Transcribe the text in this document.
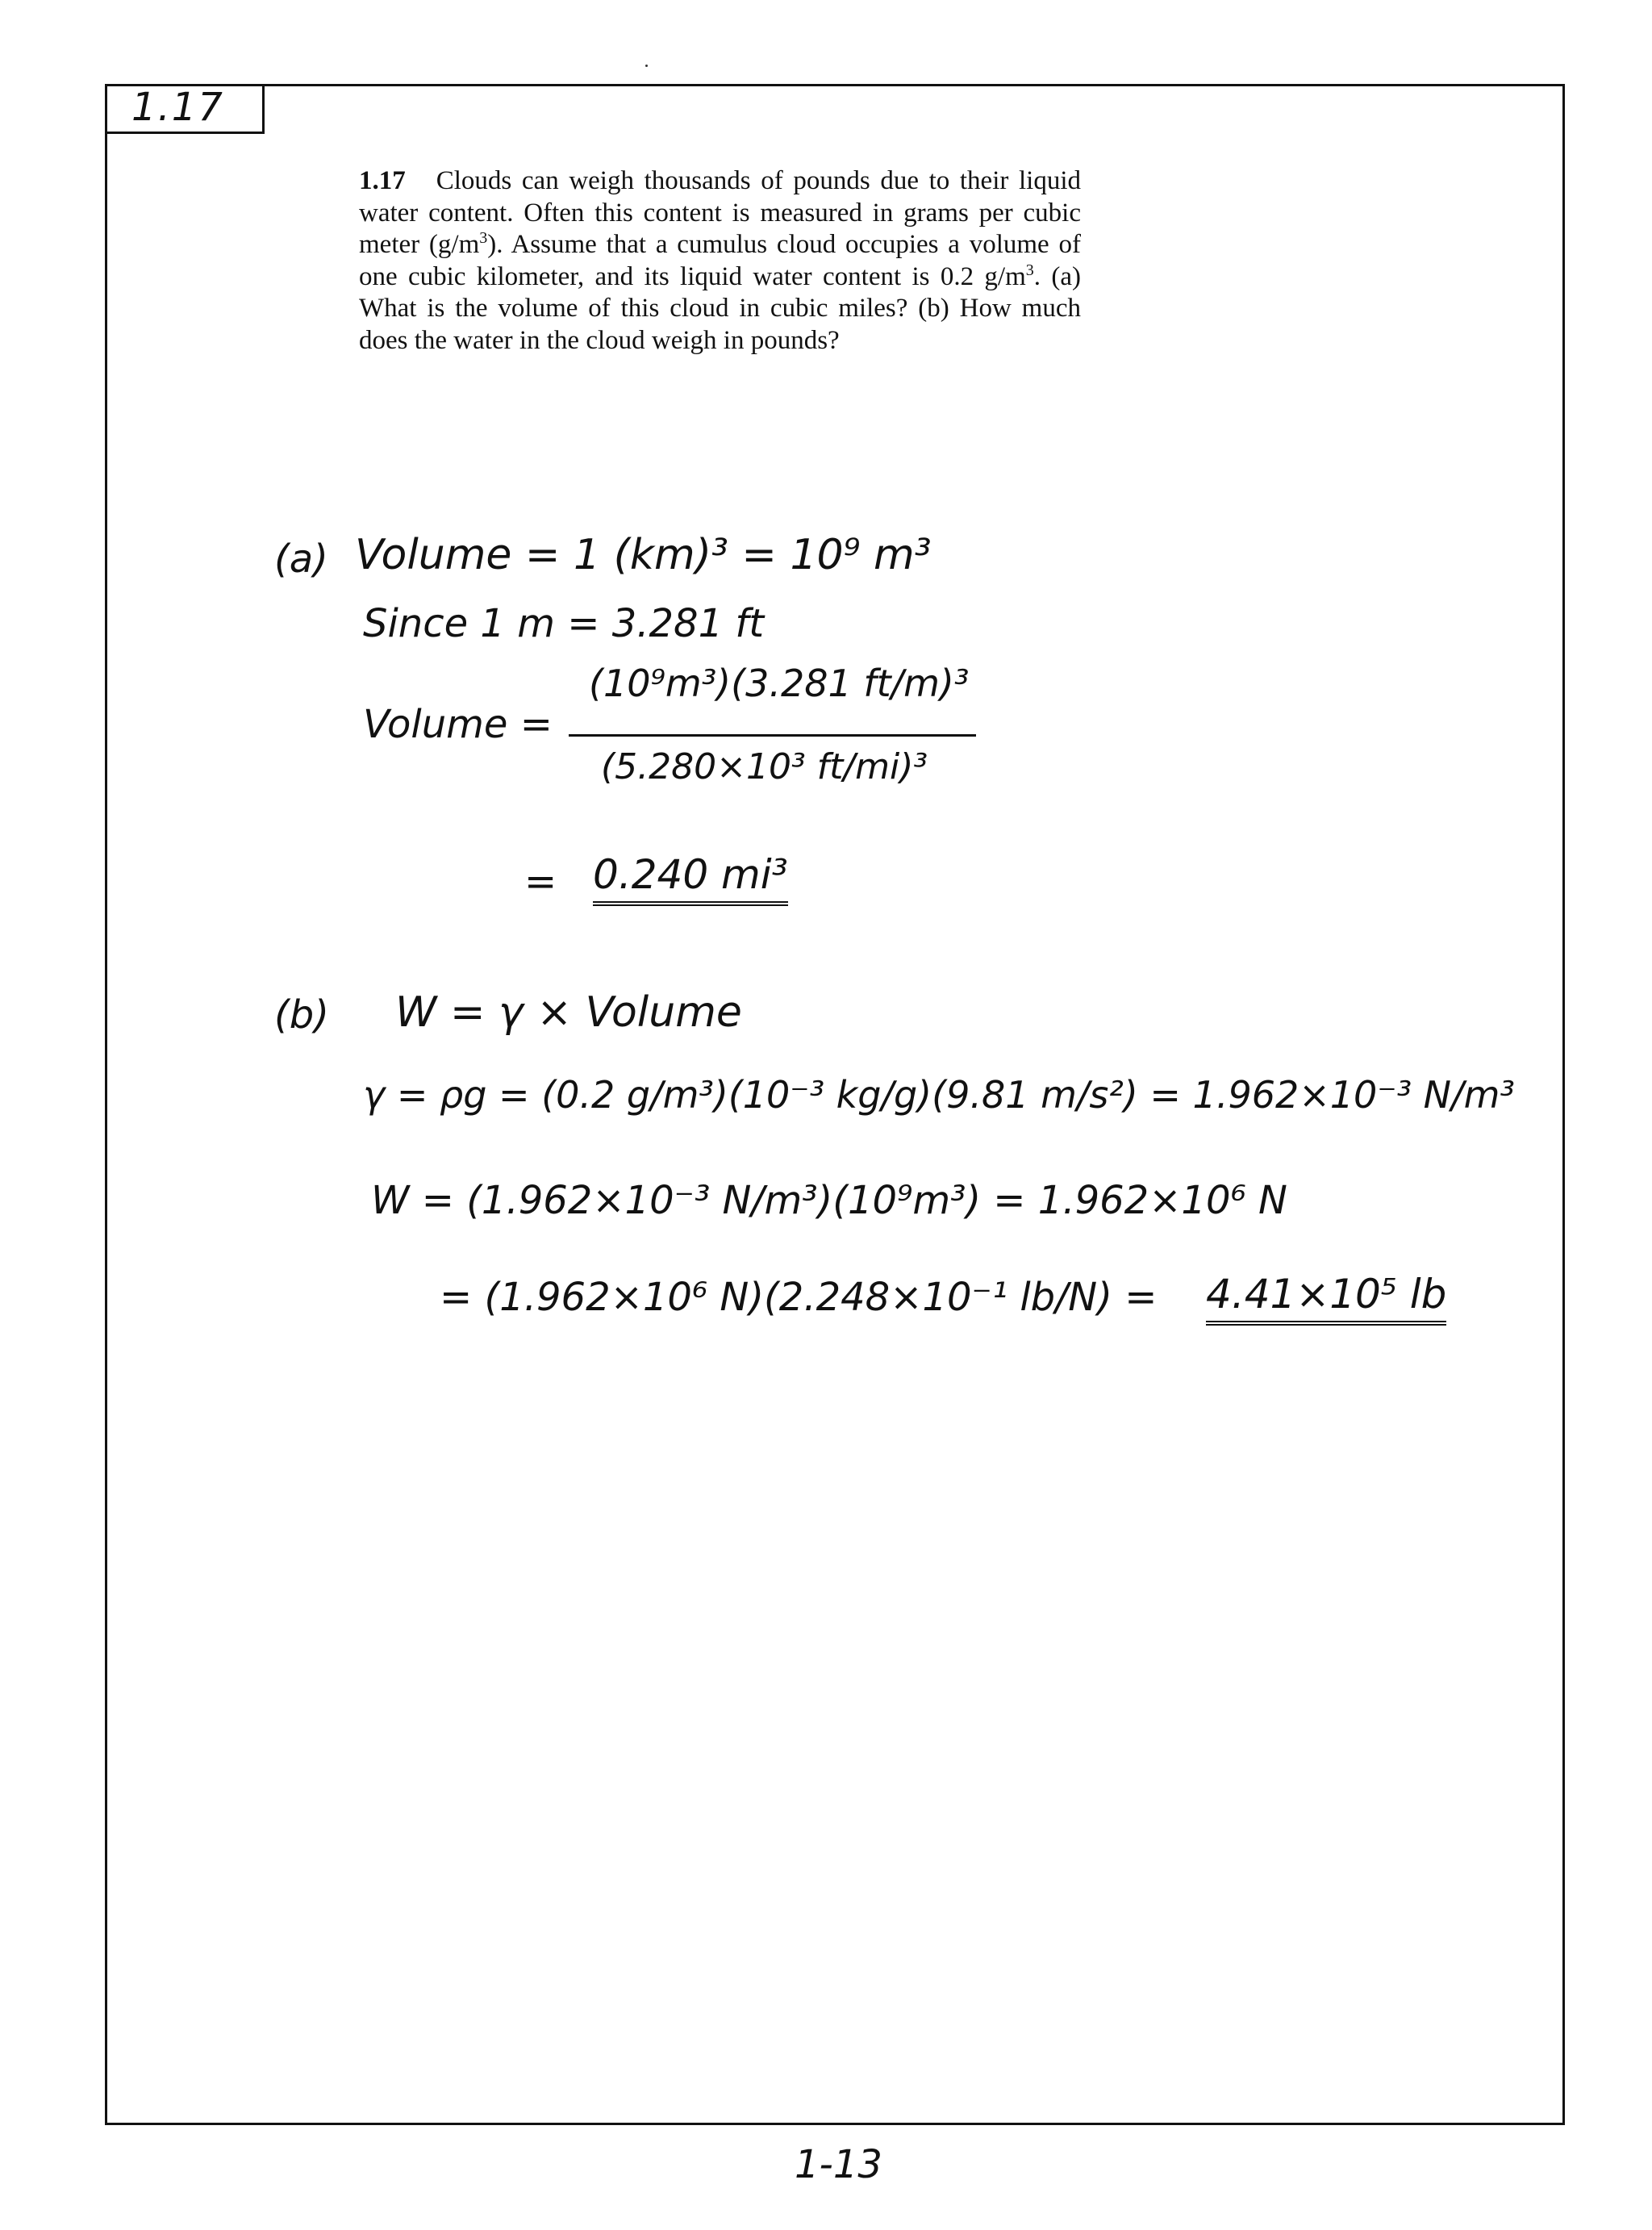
1.17
1.17 Clouds can weigh thousands of pounds due to their liquid water content. Often this content is measured in grams per cubic meter $(g/m^3)$. Assume that a cumulus cloud occupies a volume of one cubic kilometer, and its liquid water content is 0.2 $g/m^3$. (a) What is the volume of this cloud in cubic miles? (b) How much does the water in the cloud weigh in pounds?
(a) Volume = 1 (km)³ = 10⁹ m³
Since 1 m = 3.281 ft
Volume =
(10⁹m³)(3.281 ft/m)³
(5.280×10³ ft/mi)³
= 0.240 mi³
(b) W = γ × Volume
γ = ρg = (0.2 g/m³)(10⁻³ kg/g)(9.81 m/s²) = 1.962×10⁻³ N/m³
W = (1.962×10⁻³ N/m³)(10⁹m³) = 1.962×10⁶ N
= (1.962×10⁶ N)(2.248×10⁻¹ lb/N) = 4.41×10⁵ lb
1-13
